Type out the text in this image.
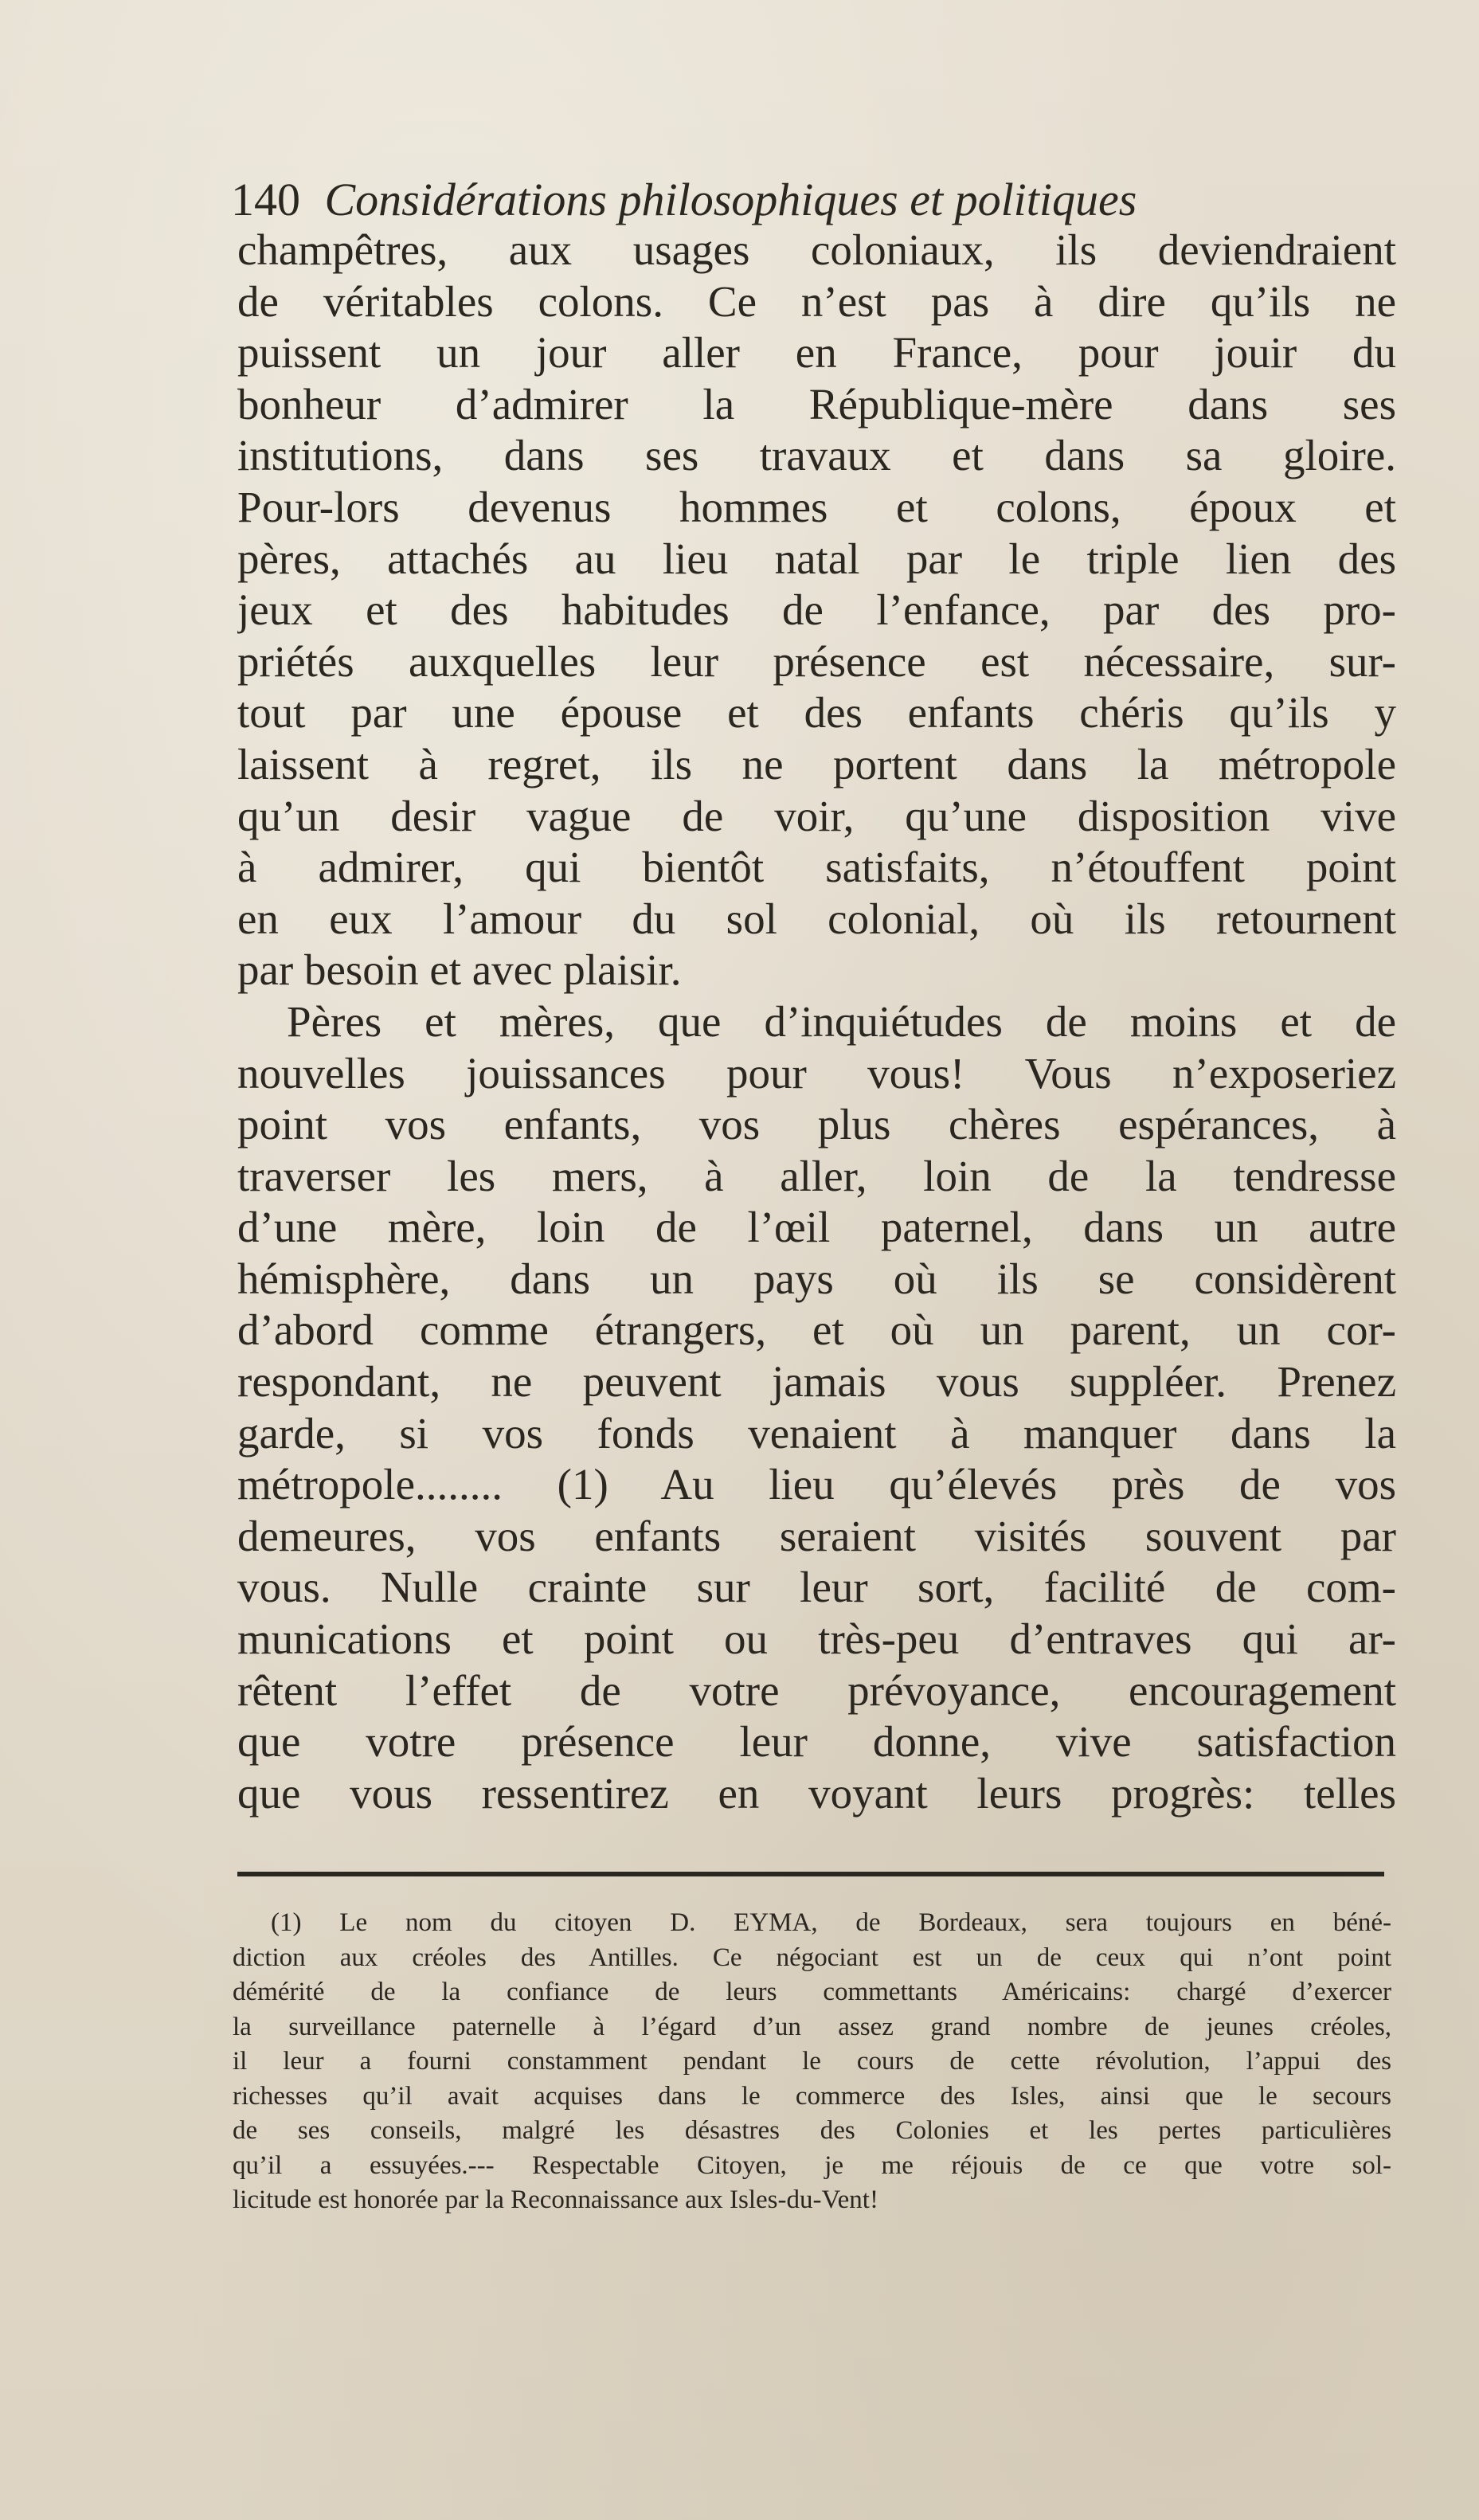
140 Considérations philosophiques et politiques
champêtres, aux usages coloniaux, ils deviendraient
de véritables colons. Ce n’est pas à dire qu’ils ne
puissent un jour aller en France, pour jouir du
bonheur d’admirer la République-mère dans ses
institutions, dans ses travaux et dans sa gloire.
Pour-lors devenus hommes et colons, époux et
pères, attachés au lieu natal par le triple lien des
jeux et des habitudes de l’enfance, par des pro-
priétés auxquelles leur présence est nécessaire, sur-
tout par une épouse et des enfants chéris qu’ils y
laissent à regret, ils ne portent dans la métropole
qu’un desir vague de voir, qu’une disposition vive
à admirer, qui bientôt satisfaits, n’étouffent point
en eux l’amour du sol colonial, où ils retournent
par besoin et avec plaisir.
Pères et mères, que d’inquiétudes de moins et de
nouvelles jouissances pour vous! Vous n’exposeriez
point vos enfants, vos plus chères espérances, à
traverser les mers, à aller, loin de la tendresse
d’une mère, loin de l’œil paternel, dans un autre
hémisphère, dans un pays où ils se considèrent
d’abord comme étrangers, et où un parent, un cor-
respondant, ne peuvent jamais vous suppléer. Prenez
garde, si vos fonds venaient à manquer dans la
métropole........ (1) Au lieu qu’élevés près de vos
demeures, vos enfants seraient visités souvent par
vous. Nulle crainte sur leur sort, facilité de com-
munications et point ou très-peu d’entraves qui ar-
rêtent l’effet de votre prévoyance, encouragement
que votre présence leur donne, vive satisfaction
que vous ressentirez en voyant leurs progrès: telles
(1) Le nom du citoyen D. EYMA, de Bordeaux, sera toujours en béné-
diction aux créoles des Antilles. Ce négociant est un de ceux qui n’ont point
démérité de la confiance de leurs commettants Américains: chargé d’exercer
la surveillance paternelle à l’égard d’un assez grand nombre de jeunes créoles,
il leur a fourni constamment pendant le cours de cette révolution, l’appui des
richesses qu’il avait acquises dans le commerce des Isles, ainsi que le secours
de ses conseils, malgré les désastres des Colonies et les pertes particulières
qu’il a essuyées.--- Respectable Citoyen, je me réjouis de ce que votre sol-
licitude est honorée par la Reconnaissance aux Isles-du-Vent!
